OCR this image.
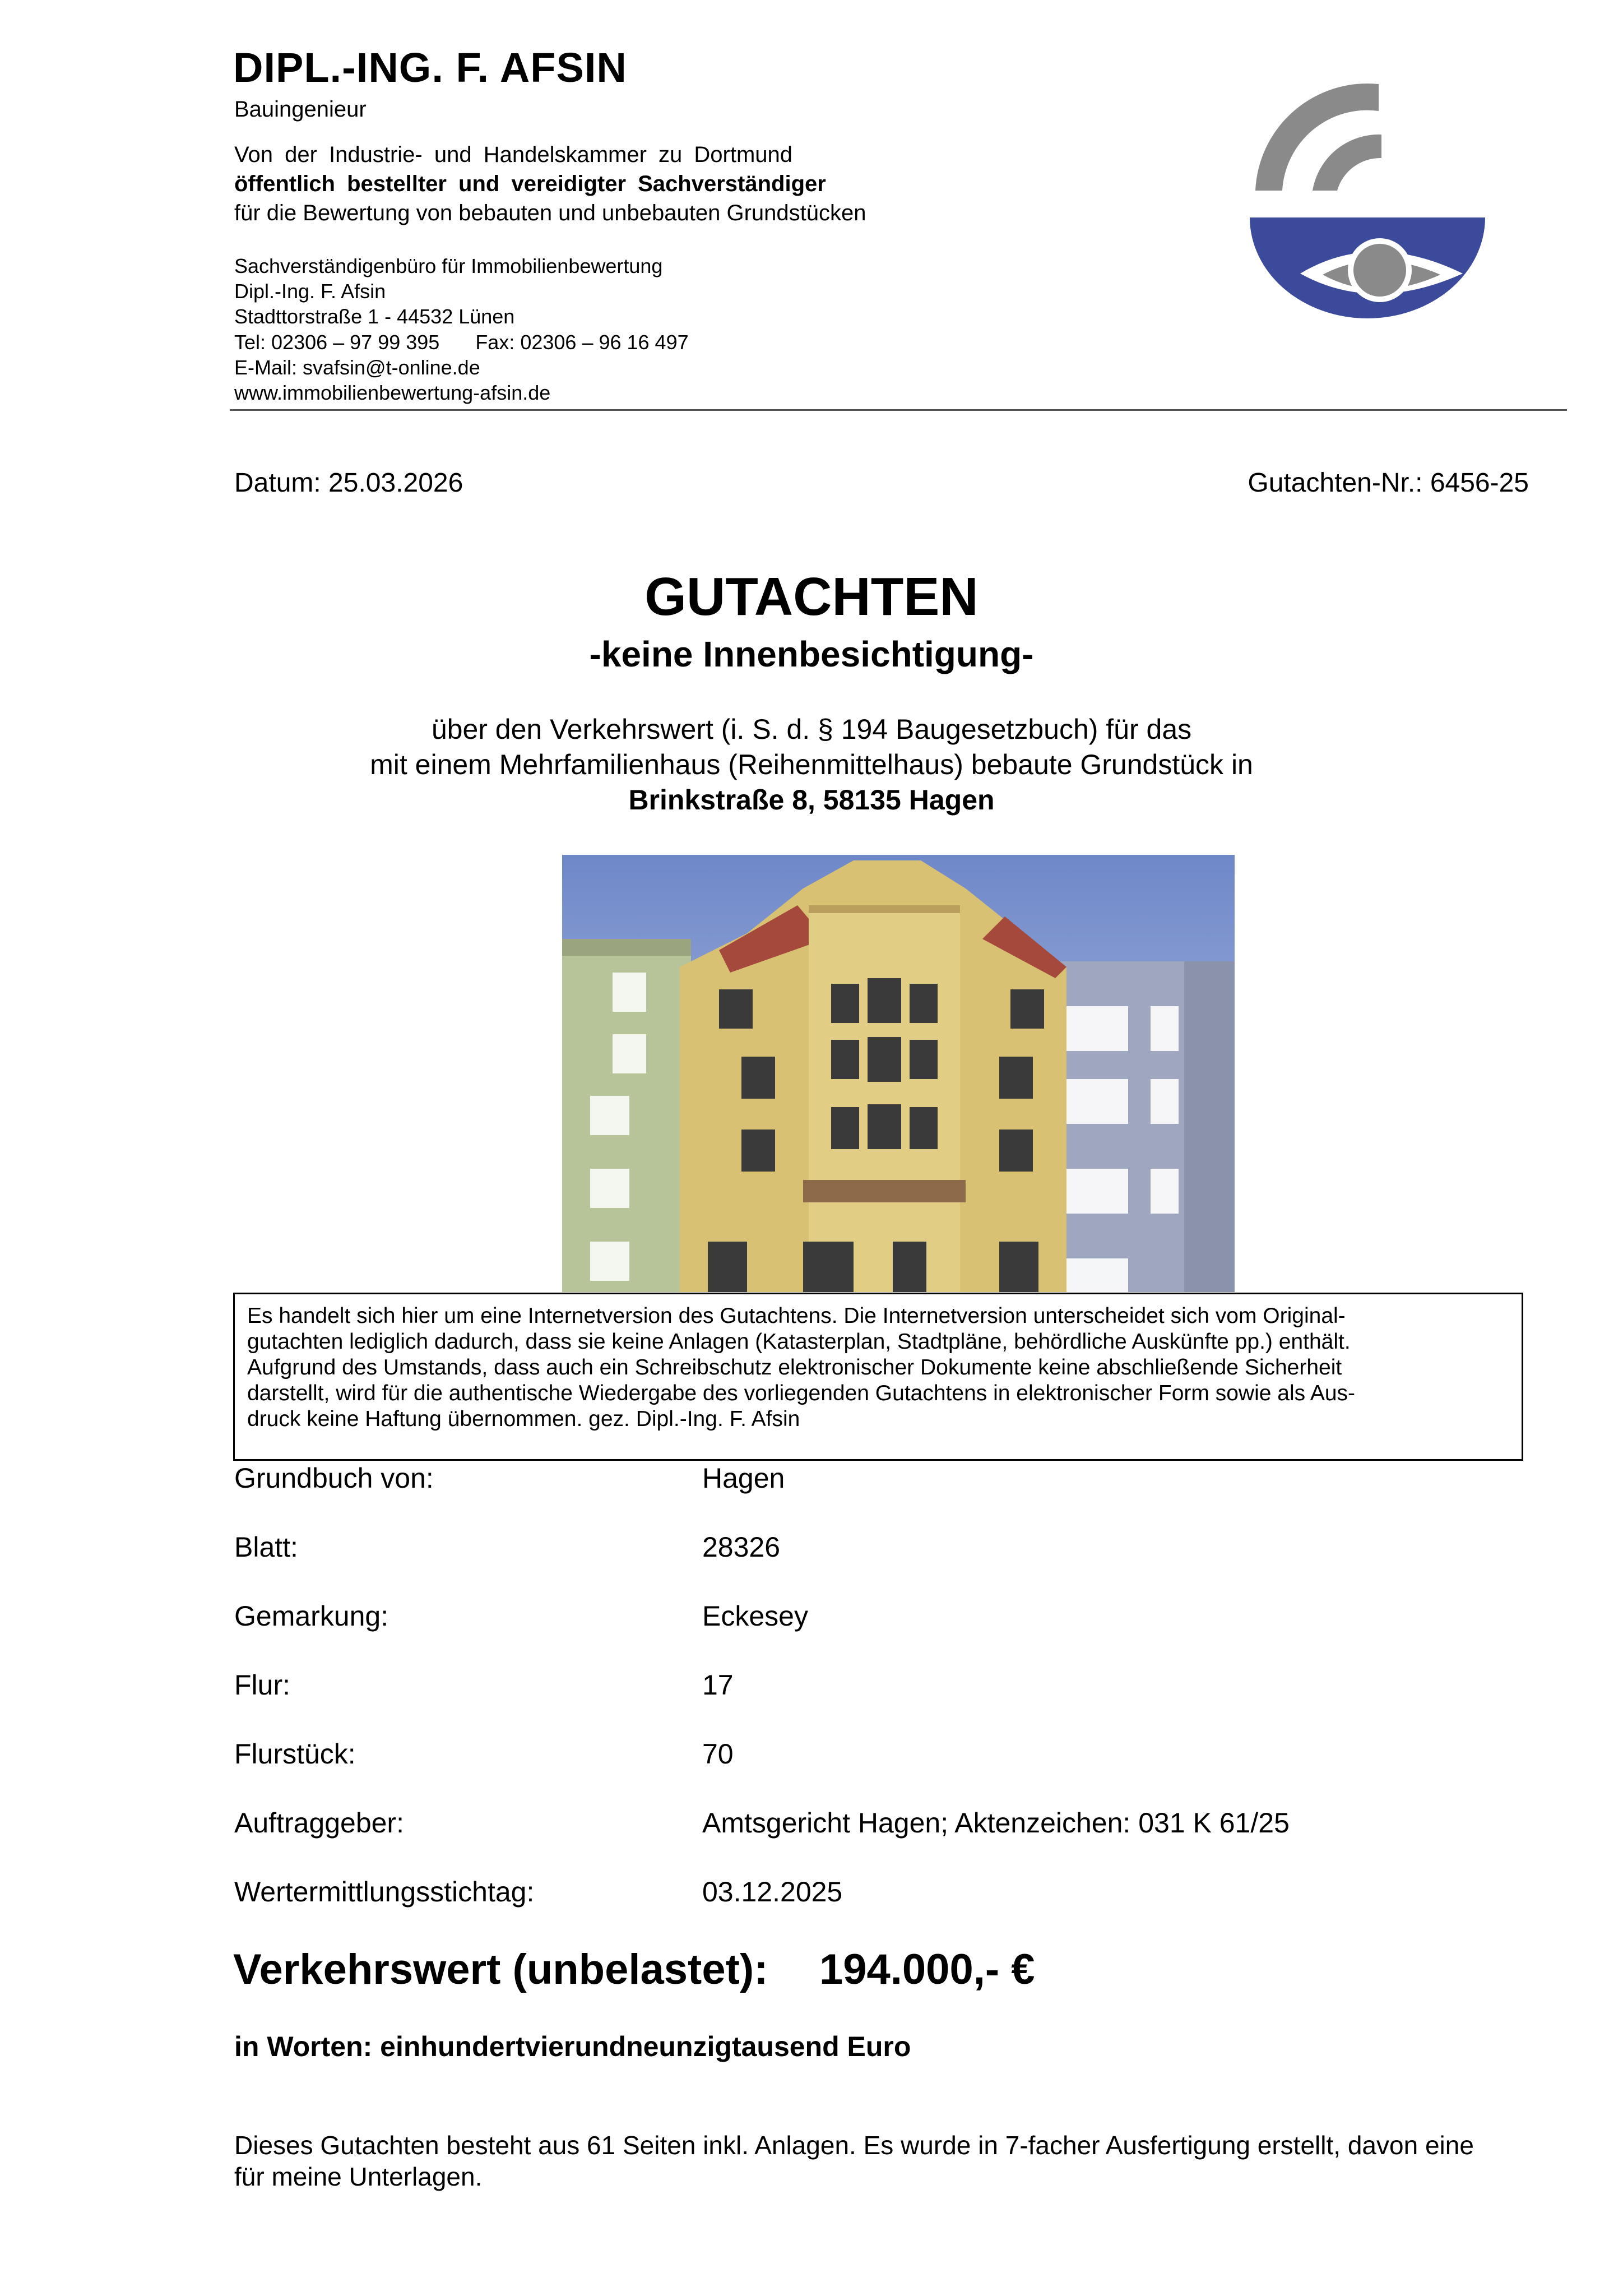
DIPL.-ING. F. AFSIN
Bauingenieur
Von der Industrie- und Handelskammer zu Dortmund
öffentlich bestellter und vereidigter Sachverständiger
für die Bewertung von bebauten und unbebauten Grundstücken
Sachverständigenbüro für Immobilienbewertung
Dipl.-Ing. F. Afsin
Stadttorstraße 1 - 44532 Lünen
Tel: 02306 – 97 99 395 Fax: 02306 – 96 16 497
E-Mail: svafsin@t-online.de
www.immobilienbewertung-afsin.de
Datum: 25.03.2026	Gutachten-Nr.: 6456-25
GUTACHTEN
-keine Innenbesichtigung-
über den Verkehrswert (i. S. d. § 194 Baugesetzbuch) für das
mit einem Mehrfamilienhaus (Reihenmittelhaus) bebaute Grundstück in
Brinkstraße 8, 58135 Hagen

Es handelt sich hier um eine Internetversion des Gutachtens. Die Internetversion unterscheidet sich vom Original-

gutachten lediglich dadurch, dass sie keine Anlagen (Katasterplan, Stadtpläne, behördliche Auskünfte pp.) enthält.

Aufgrund des Umstands, dass auch ein Schreibschutz elektronischer Dokumente keine abschließende Sicherheit

darstellt, wird für die authentische Wiedergabe des vorliegenden Gutachtens in elektronischer Form sowie als Aus-

druck keine Haftung übernommen. gez. Dipl.-Ing. F. Afsin

Grundbuch von:	Hagen
Blatt:	28326
Gemarkung:	Eckesey
Flur:	17
Flurstück:	70
Auftraggeber:	Amtsgericht Hagen; Aktenzeichen: 031 K 61/25
Wertermittlungsstichtag:	03.12.2025
Verkehrswert (unbelastet): 194.000,- €
in Worten: einhundertvierundneunzigtausend Euro
Dieses Gutachten besteht aus 61 Seiten inkl. Anlagen. Es wurde in 7-facher Ausfertigung erstellt, davon eine
für meine Unterlagen.
